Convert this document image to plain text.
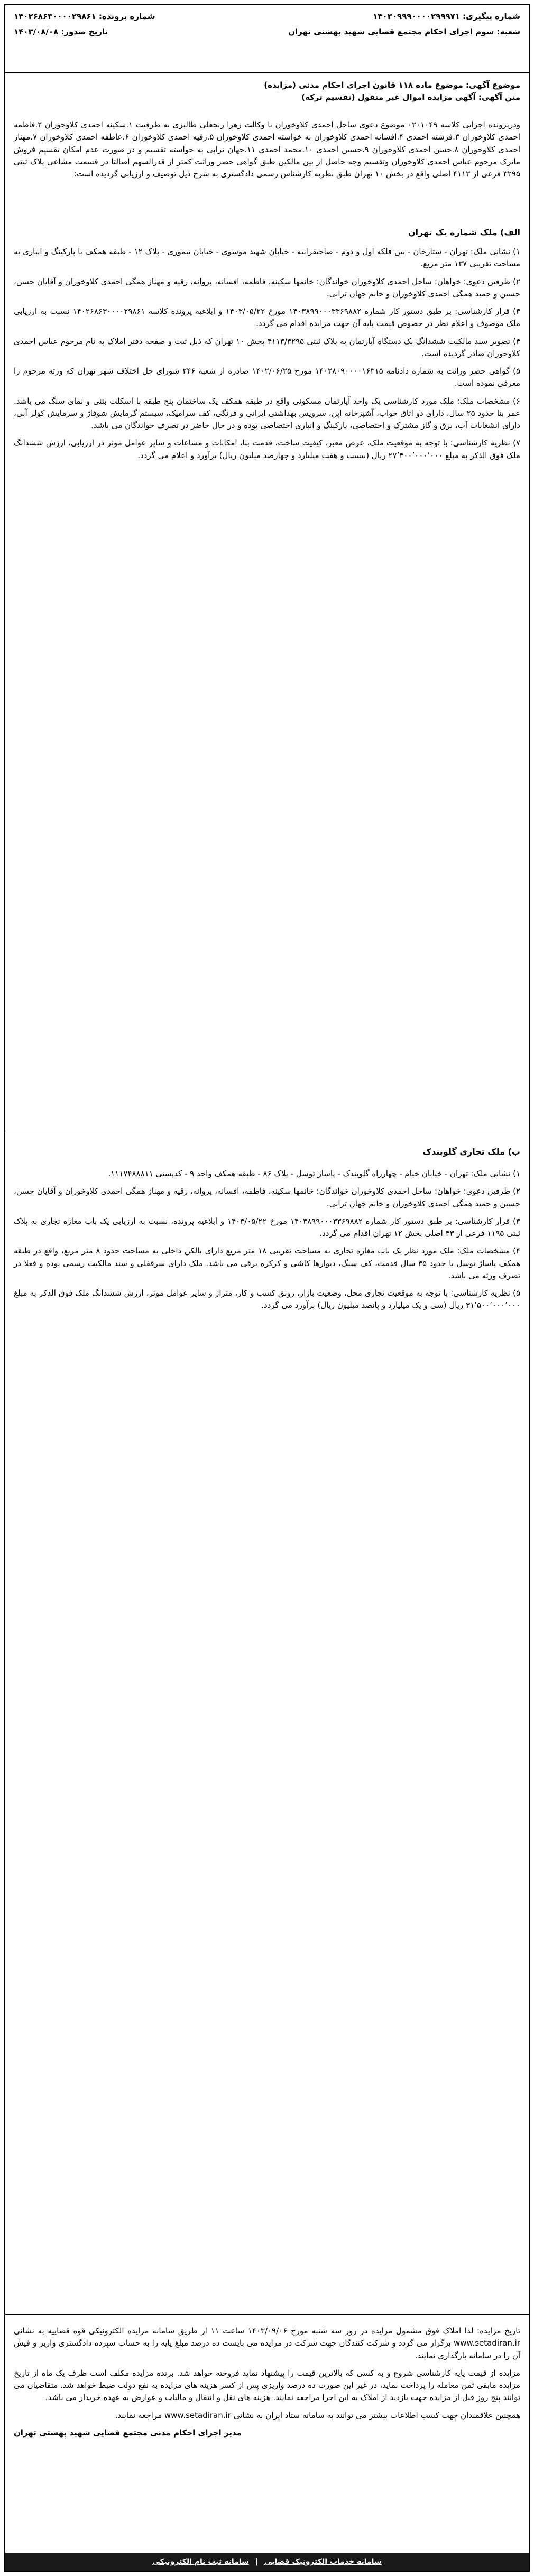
شماره پیگیری: ۱۴۰۳۰۹۹۹۰۰۰۰۲۹۹۹۷۱
شماره پرونده: ۱۴۰۲۶۸۶۳۰۰۰۰۲۹۸۶۱
شعبه: سوم اجرای احکام مجتمع قضایی شهید بهشتی تهران
تاریخ صدور: ۱۴۰۳/۰۸/۰۸
موضوع آگهی: موضوع ماده ۱۱۸ قانون اجرای احکام مدنی (مزایده)
متن آگهی: آگهی مزایده اموال غیر منقول (تقسیم ترکه)

ودرپرونده اجرایی کلاسه ۰۲۰۱۰۴۹ موضوع دعوی ساحل احمدی کلاوخوران با وکالت زهرا رنجعلی طالبزی به طرفیت ۱.سکینه احمدی کلاوخوران ۲.فاطمه احمدی کلاوخوران ۳.فرشته احمدی ۴.افسانه احمدی کلاوخوران به خواسته احمدی کلاوخوران ۵.رقیه احمدی کلاوخوران ۶.عاطفه احمدی کلاوخوران ۷.مهناز احمدی کلاوخوران ۸.حسن احمدی کلاوخوران ۹.حسین احمدی ۱۰.محمد احمدی ۱۱.جهان ترابی به خواسته تقسیم و در صورت عدم امکان تقسیم فروش ماترک مرحوم عباس احمدی کلاوخوران وتقسیم وجه حاصل از بین مالکین طبق گواهی حصر وراثت کمتر از قدرالسهم اصالتا در قسمت مشاعی پلاک ثبتی ۳۲۹۵ فرعی از ۴۱۱۳ اصلی واقع در بخش ۱۰ تهران طبق نظریه کارشناس رسمی دادگستری به شرح ذیل توصیف و ارزیابی گردیده است:

الف) ملک شماره یک تهران

۱) نشانی ملک: تهران - ستارخان - بین فلکه اول و دوم - صاحبقرانیه - خیابان شهید موسوی - خیابان تیموری - پلاک ۱۲ - طبقه همکف با پارکینگ و انباری به مساحت تقریبی ۱۳۷ متر مربع.

۲) طرفین دعوی: خواهان: ساحل احمدی کلاوخوران خواندگان: خانمها سکینه، فاطمه، افسانه، پروانه، رقیه و مهناز همگی احمدی کلاوخوران و آقایان حسن، حسین و حمید همگی احمدی کلاوخوران و خانم جهان ترابی.

۳) قرار کارشناسی: بر طبق دستور کار شماره ۱۴۰۳۸۹۹۰۰۰۳۳۶۹۸۸۲ مورخ ۱۴۰۳/۰۵/۲۲ و ابلاغیه پرونده کلاسه ۱۴۰۲۶۸۶۳۰۰۰۰۲۹۸۶۱ نسبت به ارزیابی ملک موصوف و اعلام نظر در خصوص قیمت پایه آن جهت مزایده اقدام می گردد.

۴) تصویر سند مالکیت ششدانگ یک دستگاه آپارتمان به پلاک ثبتی ۴۱۱۳/۳۲۹۵ بخش ۱۰ تهران که ذیل ثبت و صفحه دفتر املاک به نام مرحوم عباس احمدی کلاوخوران صادر گردیده است.

۵) گواهی حصر وراثت به شماره دادنامه ۱۴۰۲۸۰۹۰۰۰۰۱۶۳۱۵ مورخ ۱۴۰۲/۰۶/۲۵ صادره از شعبه ۲۴۶ شورای حل اختلاف شهر تهران که ورثه مرحوم را معرفی نموده است.

۶) مشخصات ملک: ملک مورد کارشناسی یک واحد آپارتمان مسکونی واقع در طبقه همکف یک ساختمان پنج طبقه با اسکلت بتنی و نمای سنگ می باشد. عمر بنا حدود ۲۵ سال، دارای دو اتاق خواب، آشپزخانه اپن، سرویس بهداشتی ایرانی و فرنگی، کف سرامیک، سیستم گرمایش شوفاژ و سرمایش کولر آبی، دارای انشعابات آب، برق و گاز مشترک و اختصاصی، پارکینگ و انباری اختصاصی بوده و در حال حاضر در تصرف خواندگان می باشد.

۷) نظریه کارشناسی: با توجه به موقعیت ملک، عرض معبر، کیفیت ساخت، قدمت بنا، امکانات و مشاعات و سایر عوامل موثر در ارزیابی، ارزش ششدانگ ملک فوق الذکر به مبلغ ۲۷٬۴۰۰٬۰۰۰٬۰۰۰ ریال (بیست و هفت میلیارد و چهارصد میلیون ریال) برآورد و اعلام می گردد.

ب) ملک تجاری گلوبندک

۱) نشانی ملک: تهران - خیابان خیام - چهارراه گلوبندک - پاساژ توسل - پلاک ۸۶ - طبقه همکف واحد ۹ - کدپستی ۱۱۱۷۴۸۸۸۱۱.

۲) طرفین دعوی: خواهان: ساحل احمدی کلاوخوران خواندگان: خانمها سکینه، فاطمه، افسانه، پروانه، رقیه و مهناز همگی احمدی کلاوخوران و آقایان حسن، حسین و حمید همگی احمدی کلاوخوران و خانم جهان ترابی.

۳) قرار کارشناسی: بر طبق دستور کار شماره ۱۴۰۳۸۹۹۰۰۰۳۳۶۹۸۸۲ مورخ ۱۴۰۳/۰۵/۲۲ و ابلاغیه پرونده، نسبت به ارزیابی یک باب مغازه تجاری به پلاک ثبتی ۱۱۹۵ فرعی از ۴۳ اصلی بخش ۱۲ تهران اقدام می گردد.

۴) مشخصات ملک: ملک مورد نظر یک باب مغازه تجاری به مساحت تقریبی ۱۸ متر مربع دارای بالکن داخلی به مساحت حدود ۸ متر مربع، واقع در طبقه همکف پاساژ توسل با حدود ۳۵ سال قدمت، کف سنگ، دیوارها کاشی و کرکره برقی می باشد. ملک دارای سرقفلی و سند مالکیت رسمی بوده و فعلا در تصرف ورثه می باشد.

۵) نظریه کارشناسی: با توجه به موقعیت تجاری محل، وضعیت بازار، رونق کسب و کار، متراژ و سایر عوامل موثر، ارزش ششدانگ ملک فوق الذکر به مبلغ ۳۱٬۵۰۰٬۰۰۰٬۰۰۰ ریال (سی و یک میلیارد و پانصد میلیون ریال) برآورد می گردد.

تاریخ مزایده: لذا املاک فوق مشمول مزایده در روز سه شنبه مورخ ۱۴۰۳/۰۹/۰۶ ساعت ۱۱ از طریق سامانه مزایده الکترونیکی قوه قضاییه به نشانی www.setadiran.ir برگزار می گردد و شرکت کنندگان جهت شرکت در مزایده می بایست ده درصد مبلغ پایه را به حساب سپرده دادگستری واریز و فیش آن را در سامانه بارگذاری نمایند.

مزایده از قیمت پایه کارشناسی شروع و به کسی که بالاترین قیمت را پیشنهاد نماید فروخته خواهد شد. برنده مزایده مکلف است ظرف یک ماه از تاریخ مزایده مابقی ثمن معامله را پرداخت نماید، در غیر این صورت ده درصد واریزی پس از کسر هزینه های مزایده به نفع دولت ضبط خواهد شد. متقاضیان می توانند پنج روز قبل از مزایده جهت بازدید از املاک به این اجرا مراجعه نمایند. هزینه های نقل و انتقال و مالیات و عوارض به عهده خریدار می باشد.

همچنین علاقمندان جهت کسب اطلاعات بیشتر می توانند به سامانه ستاد ایران به نشانی www.setadiran.ir مراجعه نمایند.

مدیر اجرای احکام مدنی مجتمع قضایی شهید بهشتی تهران

سامانه خدمات الکترونیک قضایی
|
سامانه ثبت نام الکترونیکی
